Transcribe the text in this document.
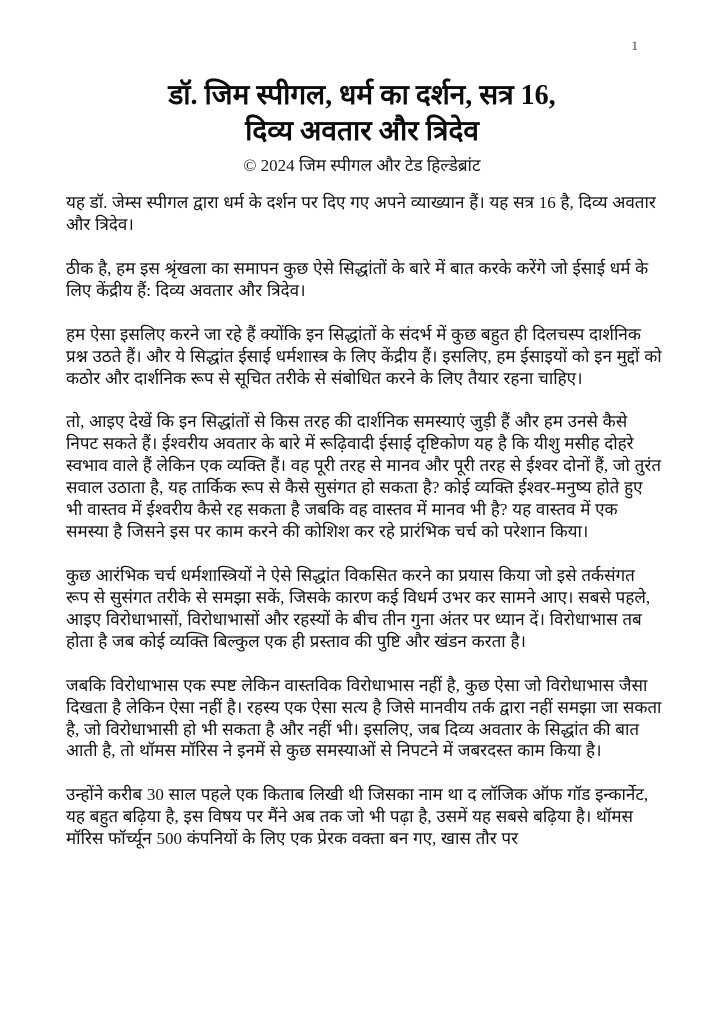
1
डॉ. जिम स्पीगल, धर्म का दर्शन, सत्र 16,
दिव्य अवतार और त्रिदेव
© 2024 जिम स्पीगल और टेड हिल्डेब्रांट

यह डॉ. जेम्स स्पीगल द्वारा धर्म के दर्शन पर दिए गए अपने व्याख्यान हैं। यह सत्र 16 है, दिव्य अवतार और त्रिदेव।

ठीक है, हम इस श्रृंखला का समापन कुछ ऐसे सिद्धांतों के बारे में बात करके करेंगे जो ईसाई धर्म के लिए केंद्रीय हैं: दिव्य अवतार और त्रिदेव।

हम ऐसा इसलिए करने जा रहे हैं क्योंकि इन सिद्धांतों के संदर्भ में कुछ बहुत ही दिलचस्प दार्शनिक प्रश्न उठते हैं। और ये सिद्धांत ईसाई धर्मशास्त्र के लिए केंद्रीय हैं। इसलिए, हम ईसाइयों को इन मुद्दों को कठोर और दार्शनिक रूप से सूचित तरीके से संबोधित करने के लिए तैयार रहना चाहिए।

तो, आइए देखें कि इन सिद्धांतों से किस तरह की दार्शनिक समस्याएं जुड़ी हैं और हम उनसे कैसे निपट सकते हैं। ईश्वरीय अवतार के बारे में रूढ़िवादी ईसाई दृष्टिकोण यह है कि यीशु मसीह दोहरे स्वभाव वाले हैं लेकिन एक व्यक्ति हैं। वह पूरी तरह से मानव और पूरी तरह से ईश्वर दोनों हैं, जो तुरंत सवाल उठाता है, यह तार्किक रूप से कैसे सुसंगत हो सकता है? कोई व्यक्ति ईश्वर-मनुष्य होते हुए भी वास्तव में ईश्वरीय कैसे रह सकता है जबकि वह वास्तव में मानव भी है? यह वास्तव में एक समस्या है जिसने इस पर काम करने की कोशिश कर रहे प्रारंभिक चर्च को परेशान किया।

कुछ आरंभिक चर्च धर्मशास्त्रियों ने ऐसे सिद्धांत विकसित करने का प्रयास किया जो इसे तर्कसंगत रूप से सुसंगत तरीके से समझा सकें, जिसके कारण कई विधर्म उभर कर सामने आए। सबसे पहले, आइए विरोधाभासों, विरोधाभासों और रहस्यों के बीच तीन गुना अंतर पर ध्यान दें। विरोधाभास तब होता है जब कोई व्यक्ति बिल्कुल एक ही प्रस्ताव की पुष्टि और खंडन करता है।

जबकि विरोधाभास एक स्पष्ट लेकिन वास्तविक विरोधाभास नहीं है, कुछ ऐसा जो विरोधाभास जैसा दिखता है लेकिन ऐसा नहीं है। रहस्य एक ऐसा सत्य है जिसे मानवीय तर्क द्वारा नहीं समझा जा सकता है, जो विरोधाभासी हो भी सकता है और नहीं भी। इसलिए, जब दिव्य अवतार के सिद्धांत की बात आती है, तो थॉमस मॉरिस ने इनमें से कुछ समस्याओं से निपटने में जबरदस्त काम किया है।

उन्होंने करीब 30 साल पहले एक किताब लिखी थी जिसका नाम था द लॉजिक ऑफ गॉड इन्कार्नेट, यह बहुत बढ़िया है, इस विषय पर मैंने अब तक जो भी पढ़ा है, उसमें यह सबसे बढ़िया है। थॉमस मॉरिस फॉर्च्यून 500 कंपनियों के लिए एक प्रेरक वक्ता बन गए, खास तौर पर
